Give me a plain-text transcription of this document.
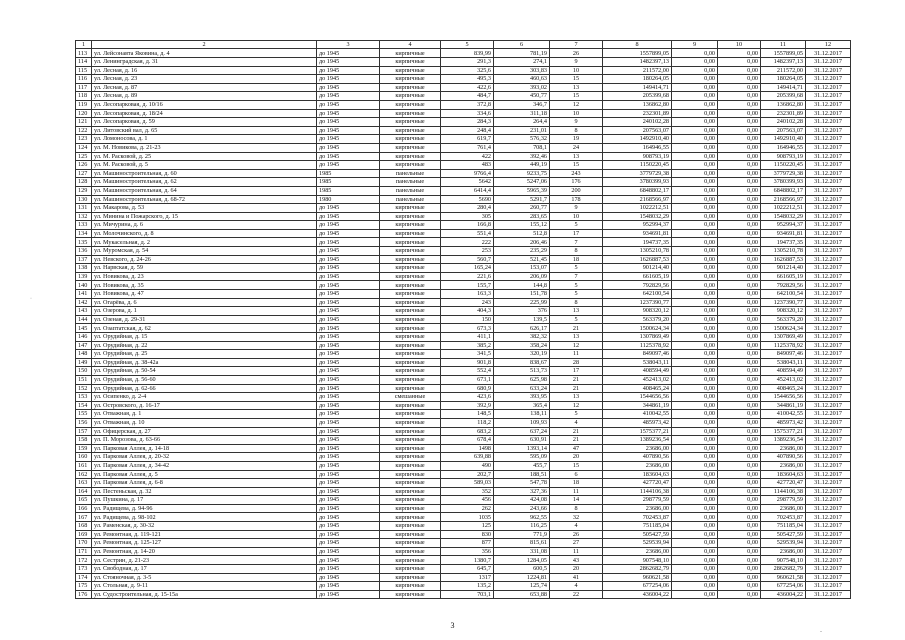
1	2	3	4	5	6	7	8	9	10	11	12
113	ул. Лейсонавта Яковина, д. 4	до 1945	кирпичные	839,99	781,19	26	1557899,05	0,00	0,00	1557899,05	31.12.2017
114	ул. Ленинградская, д. 31	до 1945	кирпичные	291,3	274,1	9	1482397,13	0,00	0,00	1482397,13	31.12.2017
115	ул. Лесная, д. 16	до 1945	кирпичные	325,6	303,83	10	211572,00	0,00	0,00	211572,00	31.12.2017
116	ул. Лесная, д. 23	до 1945	кирпичные	495,3	460,63	15	180264,05	0,00	0,00	180264,05	31.12.2017
117	ул. Лесная, д. 87	до 1945	кирпичные	422,6	393,02	13	149414,71	0,00	0,00	149414,71	31.12.2017
118	ул. Лесная, д. 89	до 1945	кирпичные	484,7	450,77	15	205399,68	0,00	0,00	205399,68	31.12.2017
119	ул. Лесопарковая, д. 10/16	до 1945	кирпичные	372,8	346,7	12	136862,80	0,00	0,00	136862,80	31.12.2017
120	ул. Лесопарковая, д. 18/24	до 1945	кирпичные	334,6	311,18	10	232301,89	0,00	0,00	232301,89	31.12.2017
121	ул. Лесопарковая, д. 59	до 1945	кирпичные	284,3	264,4	9	240102,28	0,00	0,00	240102,28	31.12.2017
122	ул. Литовский вал, д. 65	до 1945	кирпичные	248,4	231,01	8	207563,07	0,00	0,00	207563,07	31.12.2017
123	ул. Ломоносова, д. 1	до 1945	кирпичные	619,7	576,32	19	1492910,40	0,00	0,00	1492910,40	31.12.2017
124	ул. М. Новикова, д. 21-23	до 1945	кирпичные	761,4	708,1	24	164946,55	0,00	0,00	164946,55	31.12.2017
125	ул. М. Расковой, д. 25	до 1945	кирпичные	422	392,46	13	908793,19	0,00	0,00	908793,19	31.12.2017
126	ул. М. Расковой, д. 5	до 1945	кирпичные	483	449,19	15	1150220,45	0,00	0,00	1150220,45	31.12.2017
127	ул. Машиностроительная, д. 60	1985	панельные	9766,4	9233,75	243	3779729,38	0,00	0,00	3779729,38	31.12.2017
128	ул. Машиностроительная, д. 62	1985	панельные	5642	5247,06	176	3780399,93	0,00	0,00	3780399,93	31.12.2017
129	ул. Машиностроительная, д. 64	1985	панельные	6414,4	5965,39	200	6848802,17	0,00	0,00	6848802,17	31.12.2017
130	ул. Машиностроительная, д. 68-72	1980	панельные	5690	5291,7	178	2168566,97	0,00	0,00	2168566,97	31.12.2017
131	ул. Макарова, д. 53	до 1945	кирпичные	280,4	260,77	9	1022212,51	0,00	0,00	1022212,51	31.12.2017
132	ул. Минина и Пожарского, д. 15	до 1945	кирпичные	305	283,65	10	1548032,29	0,00	0,00	1548032,29	31.12.2017
133	ул. Мичурина, д. 6	до 1945	кирпичные	166,8	155,12	5	952994,37	0,00	0,00	952994,37	31.12.2017
134	ул. Молочинского, д. 8	до 1945	кирпичные	551,4	512,8	17	934691,81	0,00	0,00	934691,81	31.12.2017
135	ул. Мукасельная, д. 2	до 1945	кирпичные	222	206,46	7	194737,35	0,00	0,00	194737,35	31.12.2017
136	ул. Муромская, д. 54	до 1945	кирпичные	253	235,29	8	1305210,78	0,00	0,00	1305210,78	31.12.2017
137	ул. Невского, д. 24-26	до 1945	кирпичные	560,7	521,45	18	1626887,53	0,00	0,00	1626887,53	31.12.2017
138	ул. Нарвская, д. 59	до 1945	кирпичные	165,24	153,07	5	901214,40	0,00	0,00	901214,40	31.12.2017
139	ул. Новикова, д. 23	до 1945	кирпичные	221,6	206,09	7	661605,19	0,00	0,00	661605,19	31.12.2017
140	ул. Новикова, д. 35	до 1945	кирпичные	155,7	144,8	5	792829,56	0,00	0,00	792829,56	31.12.2017
141	ул. Новикова, д. 47	до 1945	кирпичные	163,3	151,78	5	642100,54	0,00	0,00	642100,54	31.12.2017
142	ул. Огарёва, д. 6	до 1945	кирпичные	243	225,99	8	1237390,77	0,00	0,00	1237390,77	31.12.2017
143	ул. Озерова, д. 1	до 1945	кирпичные	404,3	376	13	908320,12	0,00	0,00	908320,12	31.12.2017
144	ул. Озеная, д. 29-31	до 1945	кирпичные	150	139,5	5	563379,20	0,00	0,00	563379,20	31.12.2017
145	ул. Озаптатская, д. 62	до 1945	кирпичные	673,3	626,17	21	1500624,34	0,00	0,00	1500624,34	31.12.2017
146	ул. Орудийная, д. 15	до 1945	кирпичные	411,1	382,32	13	1307869,49	0,00	0,00	1307869,49	31.12.2017
147	ул. Орудийная, д. 22	до 1945	кирпичные	385,2	358,24	12	1125378,92	0,00	0,00	1125378,92	31.12.2017
148	ул. Орудийная, д. 25	до 1945	кирпичные	341,5	320,19	11	849097,46	0,00	0,00	849097,46	31.12.2017
149	ул. Орудийная, д. 38-42а	до 1945	кирпичные	901,8	838,67	28	538043,11	0,00	0,00	538043,11	31.12.2017
150	ул. Орудийная, д. 50-54	до 1945	кирпичные	552,4	513,73	17	408594,49	0,00	0,00	408594,49	31.12.2017
151	ул. Орудийная, д. 56-60	до 1945	кирпичные	673,1	625,98	21	452413,02	0,00	0,00	452413,02	31.12.2017
152	ул. Орудийная, д. 62-66	до 1945	кирпичные	680,9	633,24	21	408465,24	0,00	0,00	408465,24	31.12.2017
153	ул. Осипенко, д. 2-4	до 1945	смешанные	423,6	393,95	13	1544656,56	0,00	0,00	1544656,56	31.12.2017
154	ул. Островского, д. 16-17	до 1945	кирпичные	392,9	365,4	12	344861,19	0,00	0,00	344861,19	31.12.2017
155	ул. Отважная, д. 1	до 1945	кирпичные	148,5	138,11	5	410042,55	0,00	0,00	410042,55	31.12.2017
156	ул. Отважная, д. 10	до 1945	кирпичные	118,2	109,93	4	485973,42	0,00	0,00	485973,42	31.12.2017
157	ул. Офицерская, д. 27	до 1945	кирпичные	683,2	637,24	21	1575377,21	0,00	0,00	1575377,21	31.12.2017
158	ул. П. Морозова, д. 63-66	до 1945	кирпичные	678,4	630,91	21	1389236,54	0,00	0,00	1389236,54	31.12.2017
159	ул. Парковая Аллея, д. 14-18	до 1945	кирпичные	1498	1393,14	47	23686,00	0,00	0,00	23686,00	31.12.2017
160	ул. Парковая Аллея, д. 20-32	до 1945	кирпичные	639,88	595,09	20	407890,56	0,00	0,00	407890,56	31.12.2017
161	ул. Парковая Аллея, д. 34-42	до 1945	кирпичные	490	455,7	15	23686,00	0,00	0,00	23686,00	31.12.2017
162	ул. Парковая Аллея, д. 5	до 1945	кирпичные	202,7	188,51	6	183604,63	0,00	0,00	183604,63	31.12.2017
163	ул. Парковая Аллея, д. 6-8	до 1945	кирпичные	589,03	547,78	18	427720,47	0,00	0,00	427720,47	31.12.2017
164	ул. Пестеньская, д. 32	до 1945	кирпичные	352	327,36	11	1144106,38	0,00	0,00	1144106,38	31.12.2017
165	ул. Пушкина, д. 17	до 1945	кирпичные	456	424,08	14	298779,59	0,00	0,00	298779,59	31.12.2017
166	ул. Радищева, д. 94-96	до 1945	кирпичные	262	243,66	8	23686,00	0,00	0,00	23686,00	31.12.2017
167	ул. Радищева, д. 98-102	до 1945	кирпичные	1035	962,55	32	702453,87	0,00	0,00	702453,87	31.12.2017
168	ул. Раменская, д. 30-32	до 1945	кирпичные	125	116,25	4	751185,04	0,00	0,00	751185,04	31.12.2017
169	ул. Ремонтная, д. 119-121	до 1945	кирпичные	830	771,9	26	505427,59	0,00	0,00	505427,59	31.12.2017
170	ул. Ремонтная, д. 125-127	до 1945	кирпичные	877	815,61	27	529539,94	0,00	0,00	529539,94	31.12.2017
171	ул. Ремонтная, д. 14-20	до 1945	кирпичные	356	331,08	11	23686,00	0,00	0,00	23686,00	31.12.2017
172	ул. Сестрин, д. 21-23	до 1945	кирпичные	1380,7	1284,05	43	907548,10	0,00	0,00	907548,10	31.12.2017
173	ул. Свободная, д. 17	до 1945	кирпичные	645,7	600,5	20	2862682,79	0,00	0,00	2862682,79	31.12.2017
174	ул. Стояночная, д. 3-5	до 1945	кирпичные	1317	1224,81	41	960621,58	0,00	0,00	960621,58	31.12.2017
175	ул. Стольная, д. 9-11	до 1945	кирпичные	135,2	125,74	4	677254,06	0,00	0,00	677254,06	31.12.2017
176	ул. Судостроительная, д. 15-15а	до 1945	кирпичные	703,1	653,88	22	436004,22	0,00	0,00	436004,22	31.12.2017
3
·
-
